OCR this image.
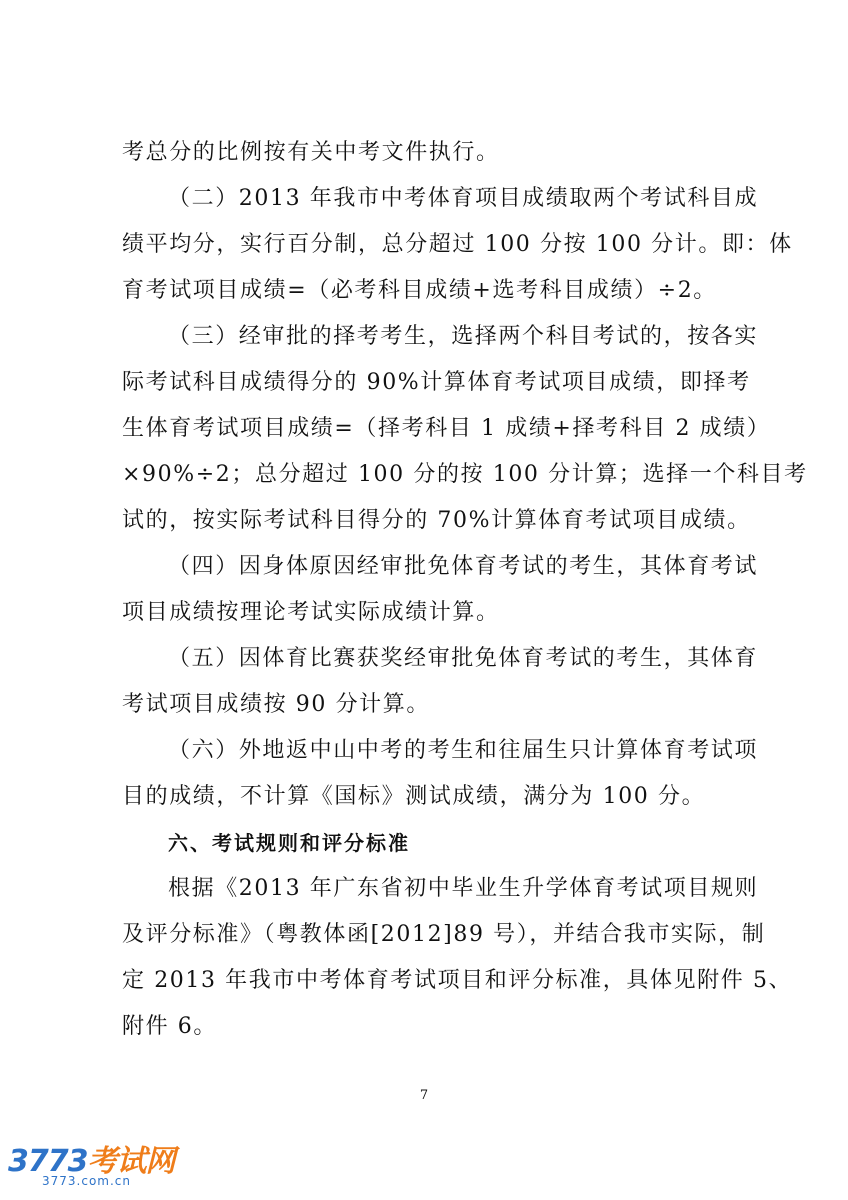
考总分的比例按有关中考文件执行。
（二）2013 年我市中考体育项目成绩取两个考试科目成
绩平均分，实行百分制，总分超过 100 分按 100 分计。即：体
育考试项目成绩=（必考科目成绩+选考科目成绩）÷2。
（三）经审批的择考考生，选择两个科目考试的，按各实
际考试科目成绩得分的 90%计算体育考试项目成绩，即择考
生体育考试项目成绩=（择考科目 1 成绩+择考科目 2 成绩）
×90%÷2；总分超过 100 分的按 100 分计算；选择一个科目考
试的，按实际考试科目得分的 70%计算体育考试项目成绩。
（四）因身体原因经审批免体育考试的考生，其体育考试
项目成绩按理论考试实际成绩计算。
（五）因体育比赛获奖经审批免体育考试的考生，其体育
考试项目成绩按 90 分计算。
（六）外地返中山中考的考生和往届生只计算体育考试项
目的成绩，不计算《国标》测试成绩，满分为 100 分。
六、考试规则和评分标准
根据《2013 年广东省初中毕业生升学体育考试项目规则
及评分标准》（粤教体函[2012]89 号），并结合我市实际，制
定 2013 年我市中考体育考试项目和评分标准，具体见附件 5、
附件 6。
7
3773考试网
3773.com.cn
